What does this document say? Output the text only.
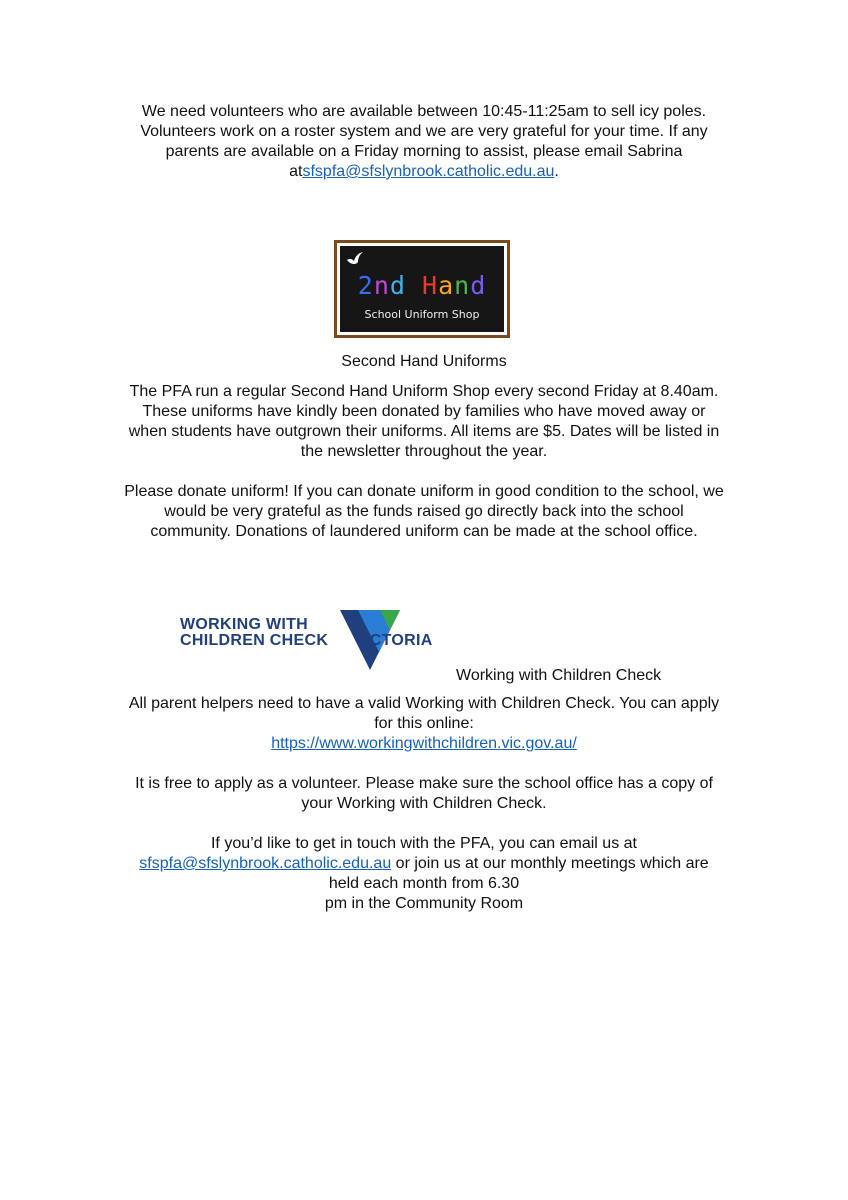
We need volunteers who are available between 10:45-11:25am to sell icy poles.
Volunteers work on a roster system and we are very grateful for your time. If any
parents are available on a Friday morning to assist, please email Sabrina
atsfspfa@sfslynbrook.catholic.edu.au.
2nd Hand
School Uniform Shop
Second Hand Uniforms
The PFA run a regular Second Hand Uniform Shop every second Friday at 8.40am.
These uniforms have kindly been donated by families who have moved away or
when students have outgrown their uniforms. All items are $5. Dates will be listed in
the newsletter throughout the year.
Please donate uniform! If you can donate uniform in good condition to the school, we
would be very grateful as the funds raised go directly back into the school
community. Donations of laundered uniform can be made at the school office.
WORKING WITH
CHILDREN CHECK VICTORIA
Working with Children Check
All parent helpers need to have a valid Working with Children Check. You can apply
for this online:
https://www.workingwithchildren.vic.gov.au/
It is free to apply as a volunteer. Please make sure the school office has a copy of
your Working with Children Check.
If you’d like to get in touch with the PFA, you can email us at
sfspfa@sfslynbrook.catholic.edu.au or join us at our monthly meetings which are
held each month from 6.30
pm in the Community Room
